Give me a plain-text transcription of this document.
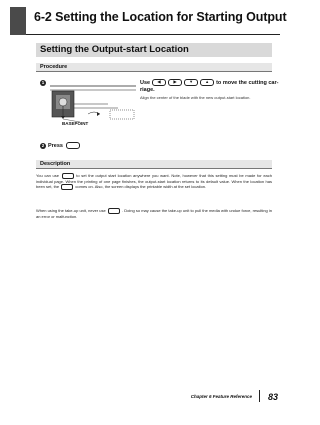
6-2 Setting the Location for Starting Output
Setting the Output-start Location
Procedure
1
BASEPOINT
Use	◀	▶	▼	▲	to move the cutting car-
riage.
Align the center of the blade with the new output-start location.
2 Press
Description
You can use	to set the output start location anywhere you want. Note, however that this setting must be made for each individual page. When the printing of one page finishes, the output-start location returns to its default value. When the location has been set, the	comes on. Also, the screen displays the printable width at the set location.
When using the take-up unit, never use	. Doing so may cause the take-up unit to pull the media with undue force, resulting in an error or malfunction.
Chapter 6 Feature Reference 83
